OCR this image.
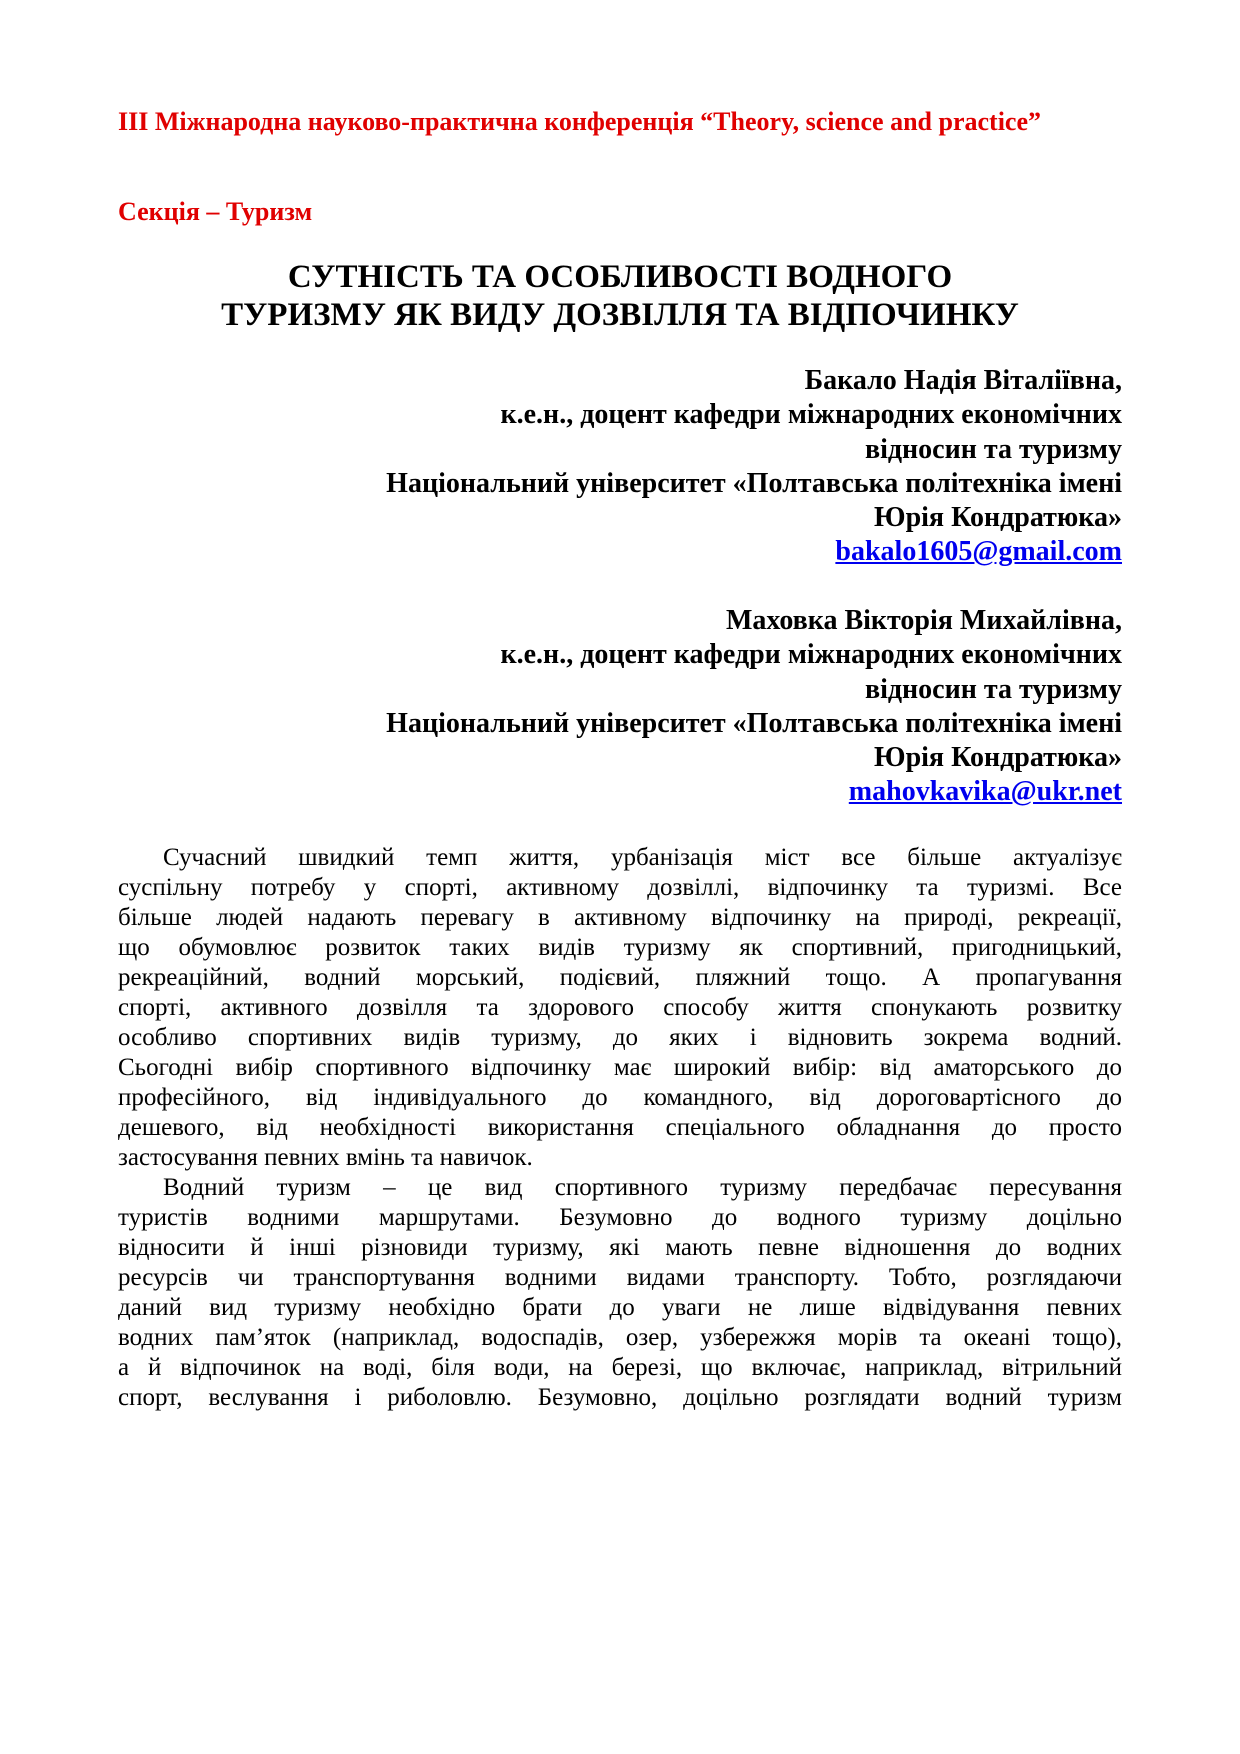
ІІІ Міжнародна науково-практична конференція “Theory, science and practice”
Секція – Туризм
СУТНІСТЬ ТА ОСОБЛИВОСТІ ВОДНОГО
ТУРИЗМУ ЯК ВИДУ ДОЗВІЛЛЯ ТА ВІДПОЧИНКУ
Бакало Надія Віталіївна,
к.е.н., доцент кафедри міжнародних економічних
відносин та туризму
Національний університет «Полтавська політехніка імені
Юрія Кондратюка»
bakalo1605@gmail.com
Маховка Вікторія Михайлівна,
к.е.н., доцент кафедри міжнародних економічних
відносин та туризму
Національний університет «Полтавська політехніка імені
Юрія Кондратюка»
mahovkavika@ukr.net
Сучасний швидкий темп життя, урбанізація міст все більше актуалізує
суспільну потребу у спорті, активному дозвіллі, відпочинку та туризмі. Все
більше людей надають перевагу в активному відпочинку на природі, рекреації,
що обумовлює розвиток таких видів туризму як спортивний, пригодницький,
рекреаційний, водний морський, подієвий, пляжний тощо. А пропагування
спорті, активного дозвілля та здорового способу життя спонукають розвитку
особливо спортивних видів туризму, до яких і відновить зокрема водний.
Сьогодні вибір спортивного відпочинку має широкий вибір: від аматорського до
професійного, від індивідуального до командного, від дороговартісного до
дешевого, від необхідності використання спеціального обладнання до просто
застосування певних вмінь та навичок.
Водний туризм – це вид спортивного туризму передбачає пересування
туристів водними маршрутами. Безумовно до водного туризму доцільно
відносити й інші різновиди туризму, які мають певне відношення до водних
ресурсів чи транспортування водними видами транспорту. Тобто, розглядаючи
даний вид туризму необхідно брати до уваги не лише відвідування певних
водних пам’яток (наприклад, водоспадів, озер, узбережжя морів та океані тощо),
а й відпочинок на воді, біля води, на березі, що включає, наприклад, вітрильний
спорт, веслування і риболовлю. Безумовно, доцільно розглядати водний туризм
